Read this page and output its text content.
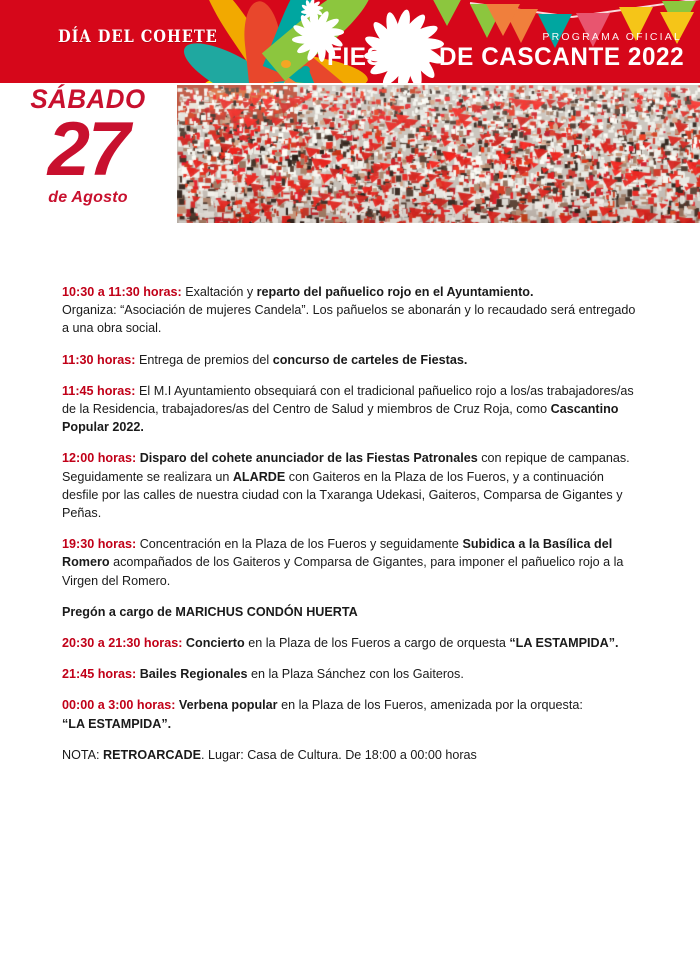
DÍA DEL COHETE	PROGRAMA OFICIAL
FIESTAS DE CASCANTE 2022
SÁBADO
27
de Agosto

10:30 a 11:30 horas: Exaltación y reparto del pañuelico rojo en el Ayuntamiento.

Organiza: “Asociación de mujeres Candela”. Los pañuelos se abonarán y lo recaudado será entregado a una obra social.

11:30 horas: Entrega de premios del concurso de carteles de Fiestas.

11:45 horas: El M.I Ayuntamiento obsequiará con el tradicional pañuelico rojo a los/as trabajadores/as de la Residencia, trabajadores/as del Centro de Salud y miembros de Cruz Roja, como Cascantino Popular 2022.

12:00 horas: Disparo del cohete anunciador de las Fiestas Patronales con repique de campanas.

Seguidamente se realizara un ALARDE con Gaiteros en la Plaza de los Fueros, y a continuación desfile por las calles de nuestra ciudad con la Txaranga Udekasi, Gaiteros, Comparsa de Gigantes y Peñas.

19:30 horas: Concentración en la Plaza de los Fueros y seguidamente Subidica a la Basílica del Romero acompañados de los Gaiteros y Comparsa de Gigantes, para imponer el pañuelico rojo a la Virgen del Romero.

Pregón a cargo de MARICHUS CONDÓN HUERTA

20:30 a 21:30 horas: Concierto en la Plaza de los Fueros a cargo de orquesta “LA ESTAMPIDA”.

21:45 horas: Bailes Regionales en la Plaza Sánchez con los Gaiteros.

00:00 a 3:00 horas: Verbena popular en la Plaza de los Fueros, amenizada por la orquesta:

“LA ESTAMPIDA”.

NOTA: RETROARCADE. Lugar: Casa de Cultura. De 18:00 a 00:00 horas
